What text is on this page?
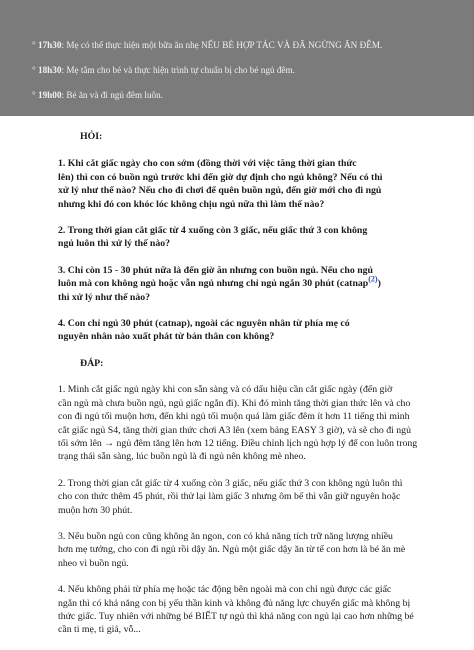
° 17h30: Mẹ có thể thực hiện một bữa ăn nhẹ NẾU BÉ HỢP TÁC VÀ ĐÃ NGỪNG ĂN ĐÊM.
° 18h30: Mẹ tắm cho bé và thực hiện trình tự chuẩn bị cho bé ngủ đêm.
° 19h00: Bé ăn và đi ngủ đêm luôn.
HỎI:

1. Khi cắt giấc ngày cho con sớm (đồng thời với việc tăng thời gian thức

lên) thì con có buồn ngủ trước khi đến giờ dự định cho ngủ không? Nếu có thì

xử lý như thế nào? Nếu cho đi chơi để quên buồn ngủ, đến giờ mới cho đi ngủ

nhưng khi đó con khóc lóc không chịu ngủ nữa thì làm thế nào?

2. Trong thời gian cắt giấc từ 4 xuống còn 3 giấc, nếu giấc thứ 3 con không

ngủ luôn thì xử lý thế nào?

3. Chỉ còn 15 - 30 phút nữa là đến giờ ăn nhưng con buồn ngủ. Nếu cho ngủ

luôn mà con không ngủ hoặc vẫn ngủ nhưng chỉ ngủ ngắn 30 phút (catnap$^{(2)}$)

thì xử lý như thế nào?

4. Con chỉ ngủ 30 phút (catnap), ngoài các nguyên nhân từ phía mẹ có

nguyên nhân nào xuất phát từ bản thân con không?

ĐÁP:

1. Minh cắt giấc ngủ ngày khi con sẵn sàng và có dấu hiệu cần cắt giấc ngày (đến giờ

cần ngủ mà chưa buồn ngủ, ngủ giấc ngắn đi). Khi đó mình tăng thời gian thức lên và cho

con đi ngủ tối muộn hơn, đến khi ngủ tối muộn quá làm giấc đêm ít hơn 11 tiếng thì mình

cắt giấc ngủ S4, tăng thời gian thức chơi A3 lên (xem bảng EASY 3 giờ), và sẽ cho đi ngủ

tối sớm lên → ngủ đêm tăng lên hơn 12 tiếng. Điều chỉnh lịch ngủ hợp lý để con luôn trong

trạng thái sẵn sàng, lúc buồn ngủ là đi ngủ nên không mè nheo.

2. Trong thời gian cắt giấc từ 4 xuống còn 3 giấc, nếu giấc thứ 3 con không ngủ luôn thì

cho con thức thêm 45 phút, rồi thử lại làm giấc 3 nhưng ôm bế thì vẫn giữ nguyên hoặc

muộn hơn 30 phút.

3. Nếu buồn ngủ con cũng không ăn ngon, con có khả năng tích trữ năng lượng nhiều

hơn mẹ tưởng, cho con đi ngủ rồi dậy ăn. Ngủ một giấc dậy ăn từ tế con hơn là bé ăn mè

nheo vì buồn ngủ.

4. Nếu không phải từ phía mẹ hoặc tác động bên ngoài mà con chỉ ngủ được các giấc

ngắn thì có khả năng con bị yếu thần kinh và không đủ năng lực chuyển giấc mà không bị

thức giấc. Tuy nhiên với những bé BIẾT tự ngủ thì khả năng con ngủ lại cao hơn những bé

cần ti mẹ, ti giả, vỗ...
